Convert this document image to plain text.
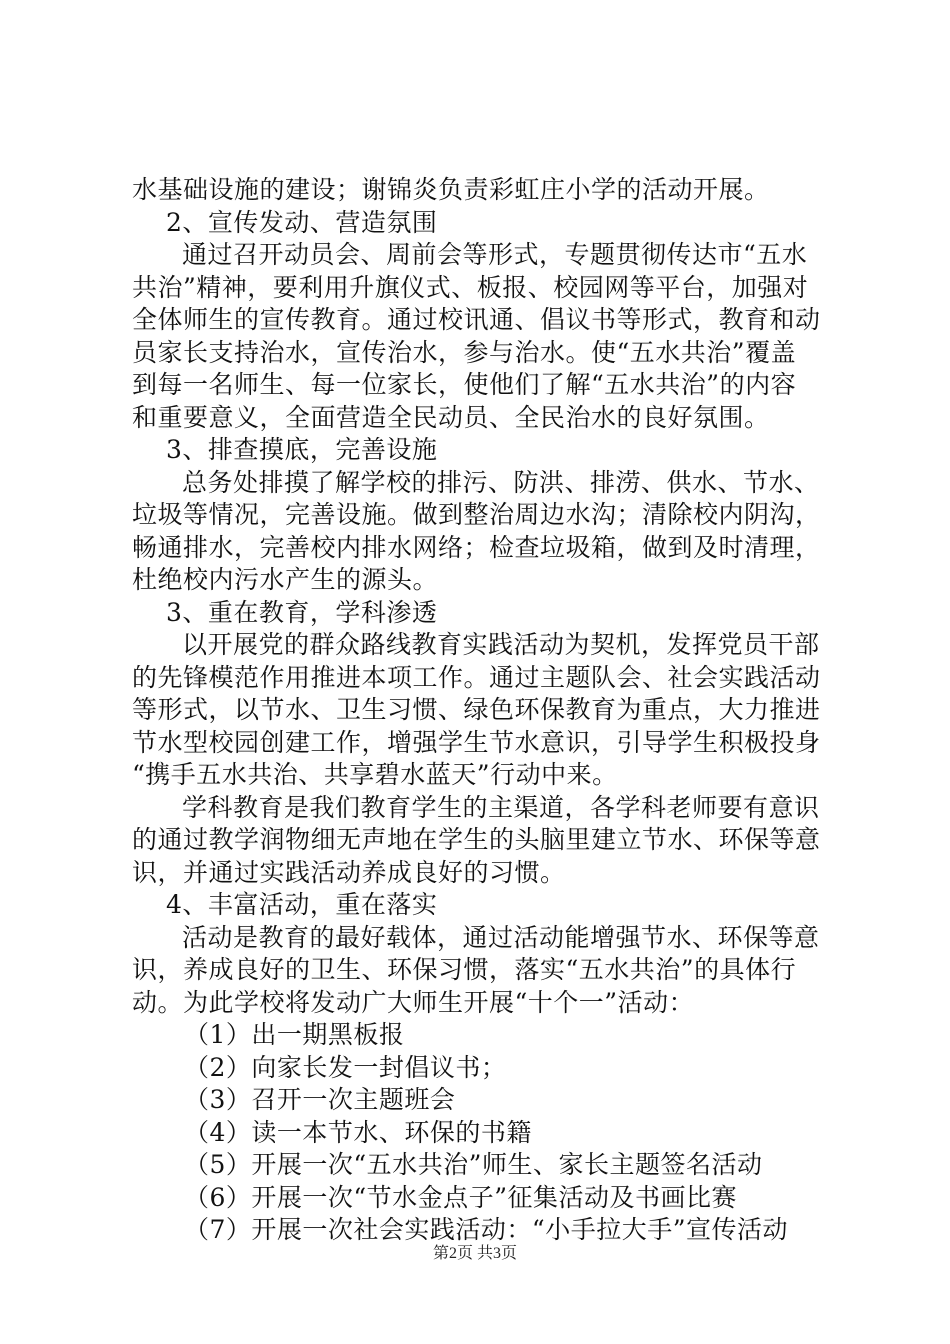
水基础设施的建设；谢锦炎负责彩虹庄小学的活动开展。

2、宣传发动、营造氛围

通过召开动员会、周前会等形式，专题贯彻传达市“五水

共治”精神，要利用升旗仪式、板报、校园网等平台，加强对

全体师生的宣传教育。通过校讯通、倡议书等形式，教育和动

员家长支持治水，宣传治水，参与治水。使“五水共治”覆盖

到每一名师生、每一位家长，使他们了解“五水共治”的内容

和重要意义，全面营造全民动员、全民治水的良好氛围。

3、排查摸底，完善设施

总务处排摸了解学校的排污、防洪、排涝、供水、节水、

垃圾等情况，完善设施。做到整治周边水沟；清除校内阴沟，

畅通排水，完善校内排水网络；检查垃圾箱，做到及时清理，

杜绝校内污水产生的源头。

3、重在教育，学科渗透

以开展党的群众路线教育实践活动为契机，发挥党员干部

的先锋模范作用推进本项工作。通过主题队会、社会实践活动

等形式，以节水、卫生习惯、绿色环保教育为重点，大力推进

节水型校园创建工作，增强学生节水意识，引导学生积极投身

“携手五水共治、共享碧水蓝天”行动中来。

学科教育是我们教育学生的主渠道，各学科老师要有意识

的通过教学润物细无声地在学生的头脑里建立节水、环保等意

识，并通过实践活动养成良好的习惯。

4、丰富活动，重在落实

活动是教育的最好载体，通过活动能增强节水、环保等意

识，养成良好的卫生、环保习惯，落实“五水共治”的具体行

动。为此学校将发动广大师生开展“十个一”活动：

（1）出一期黑板报

（2）向家长发一封倡议书；

（3）召开一次主题班会

（4）读一本节水、环保的书籍

（5）开展一次“五水共治”师生、家长主题签名活动

（6）开展一次“节水金点子”征集活动及书画比赛

（7）开展一次社会实践活动：“小手拉大手”宣传活动

第2页 共3页
